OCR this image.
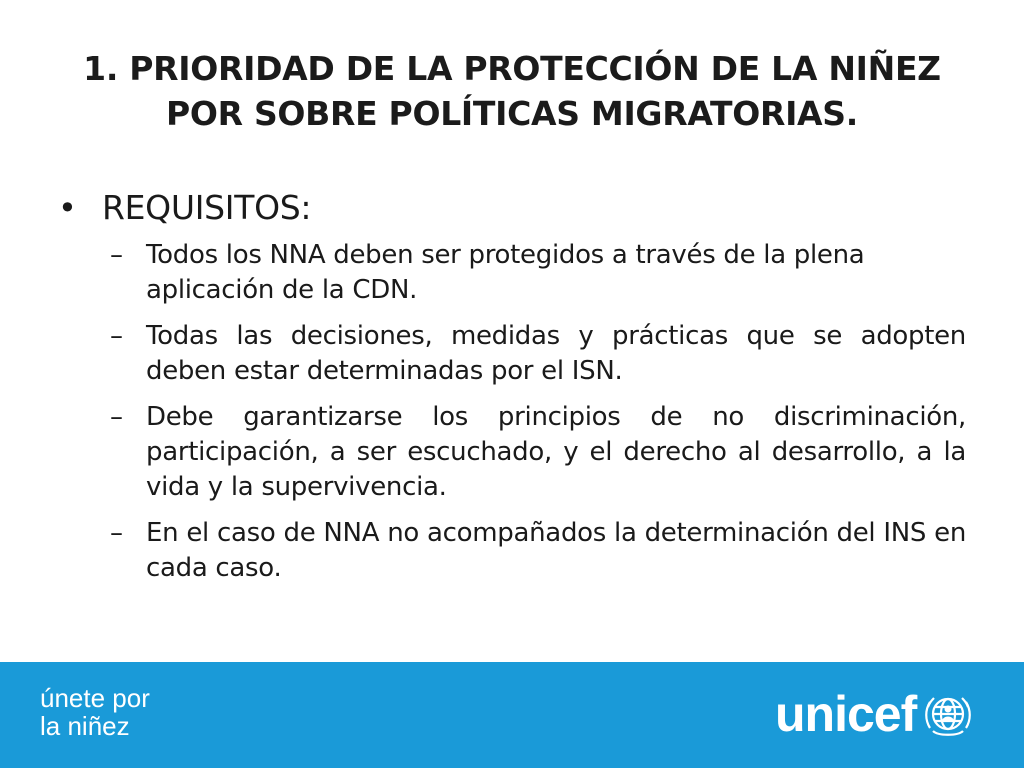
1. PRIORIDAD DE LA PROTECCIÓN DE LA NIÑEZ
POR SOBRE POLÍTICAS MIGRATORIAS.
• REQUISITOS:
– Todos los NNA deben ser protegidos a través de la plena aplicación de la CDN.
– Todas las decisiones, medidas y prácticas que se adopten deben estar determinadas por el ISN.
– Debe garantizarse los principios de no discriminación, participación, a ser escuchado, y el derecho al desarrollo, a la vida y la supervivencia.
– En el caso de NNA no acompañados la determinación del INS en cada caso.
únete por
la niñez	unicef
